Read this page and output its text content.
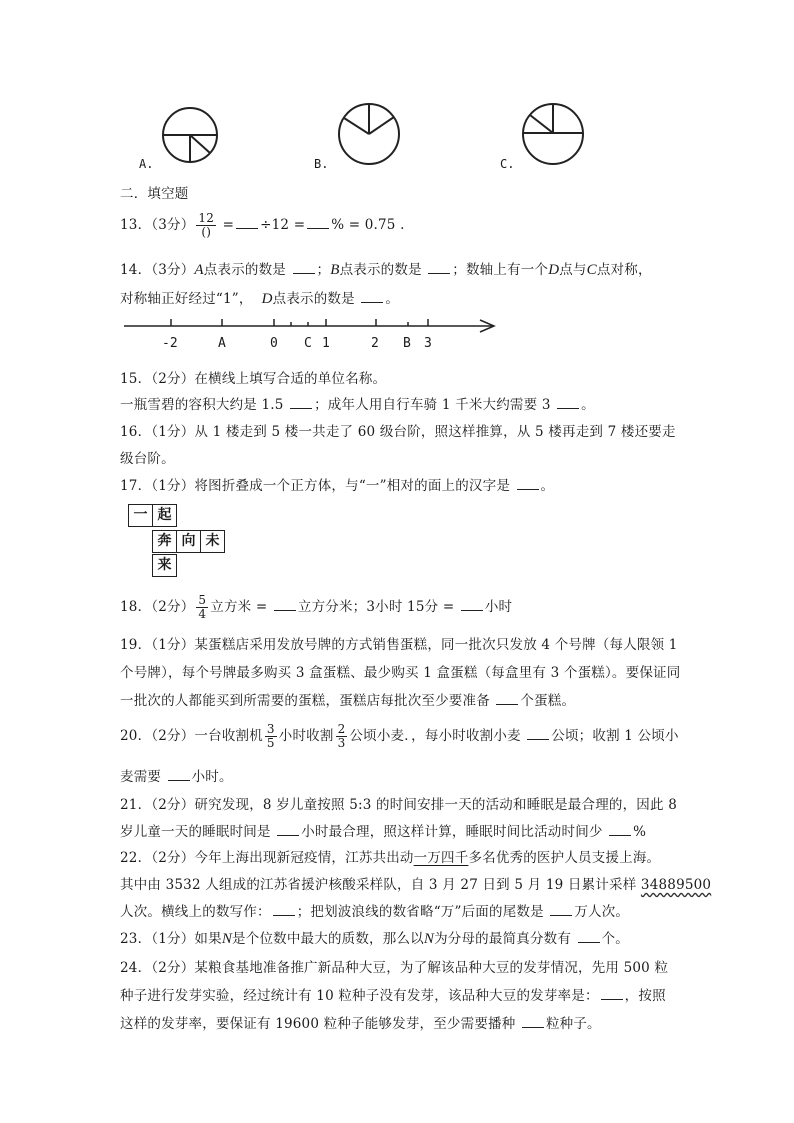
A.	B.	C.
二．填空题
13．（3分） $\frac{12}{()} = \div 12$ = % = 0.75 .
14．（3分）A点表示的数是 ；B点表示的数是 ；数轴上有一个D点与C点对称，
对称轴正好经过“1”， D点表示的数是 。
-2	A	0 C 1	2 B 3
15．（2分）在横线上填写合适的单位名称。
一瓶雪碧的容积大约是 1.5 ；成年人用自行车骑 1 千米大约需要 3 。
16．（1分）从 1 楼走到 5 楼一共走了 60 级台阶，照这样推算，从 5 楼再走到 7 楼还要走
级台阶。
17．（1分）将图折叠成一个正方体，与“一”相对的面上的汉字是 。
一 起
奔 向 未
来
18．（2分） $\frac{5}{4}$ 立方米 = 立方分米；3小时 15分 = 小时
19．（1分）某蛋糕店采用发放号牌的方式销售蛋糕，同一批次只发放 4 个号牌（每人限领 1
个号牌），每个号牌最多购买 3 盒蛋糕、最少购买 1 盒蛋糕（每盒里有 3 个蛋糕）。要保证同
一批次的人都能买到所需要的蛋糕，蛋糕店每批次至少要准备 个蛋糕。
20．（2分）一台收割机 $\frac{3}{5}$ 小时收割 $\frac{2}{3}$ 公顷小麦．，每小时收割小麦 公顷；收割 1 公顷小
麦需要 小时。
21．（2分）研究发现，8 岁儿童按照 5:3 的时间安排一天的活动和睡眠是最合理的，因此 8
岁儿童一天的睡眠时间是 小时最合理，照这样计算，睡眠时间比活动时间少 %
22．（2分）今年上海出现新冠疫情，江苏共出动一万四千多名优秀的医护人员支援上海。
其中由 3532 人组成的江苏省援沪核酸采样队，自 3 月 27 日到 5 月 19 日累计采样 34889500
人次。横线上的数写作： ；把划波浪线的数省略“万”后面的尾数是 万人次。
23．（1分）如果N是个位数中最大的质数，那么以N为分母的最简真分数有 个。
24．（2分）某粮食基地准备推广新品种大豆，为了解该品种大豆的发芽情况，先用 500 粒
种子进行发芽实验，经过统计有 10 粒种子没有发芽，该品种大豆的发芽率是： ，按照
这样的发芽率，要保证有 19600 粒种子能够发芽，至少需要播种 粒种子。
